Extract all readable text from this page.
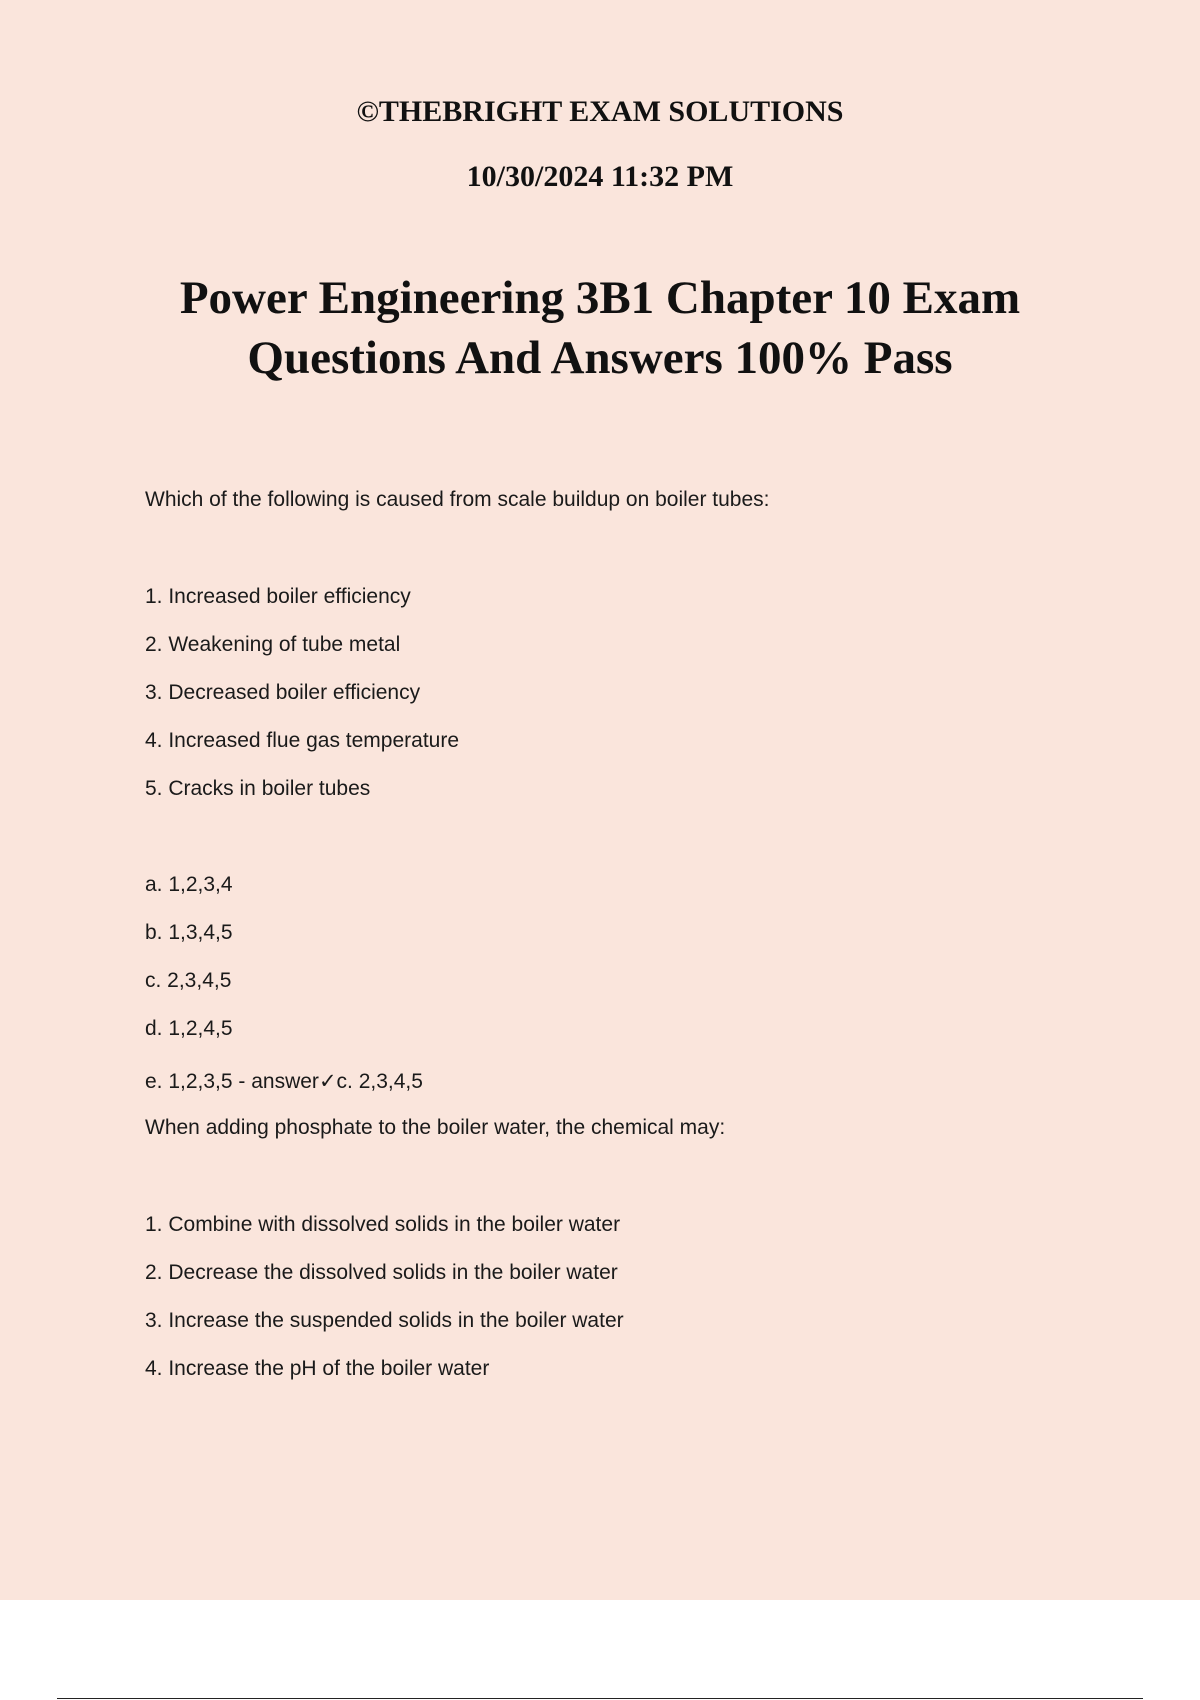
©THEBRIGHT EXAM SOLUTIONS

10/30/2024 11:32 PM

Power Engineering 3B1 Chapter 10 Exam
Questions And Answers 100% Pass

Which of the following is caused from scale buildup on boiler tubes:

1. Increased boiler efficiency

2. Weakening of tube metal

3. Decreased boiler efficiency

4. Increased flue gas temperature

5. Cracks in boiler tubes

a. 1,2,3,4

b. 1,3,4,5

c. 2,3,4,5

d. 1,2,4,5

e. 1,2,3,5 - answer✓c. 2,3,4,5

When adding phosphate to the boiler water, the chemical may:

1. Combine with dissolved solids in the boiler water

2. Decrease the dissolved solids in the boiler water

3. Increase the suspended solids in the boiler water

4. Increase the pH of the boiler water
